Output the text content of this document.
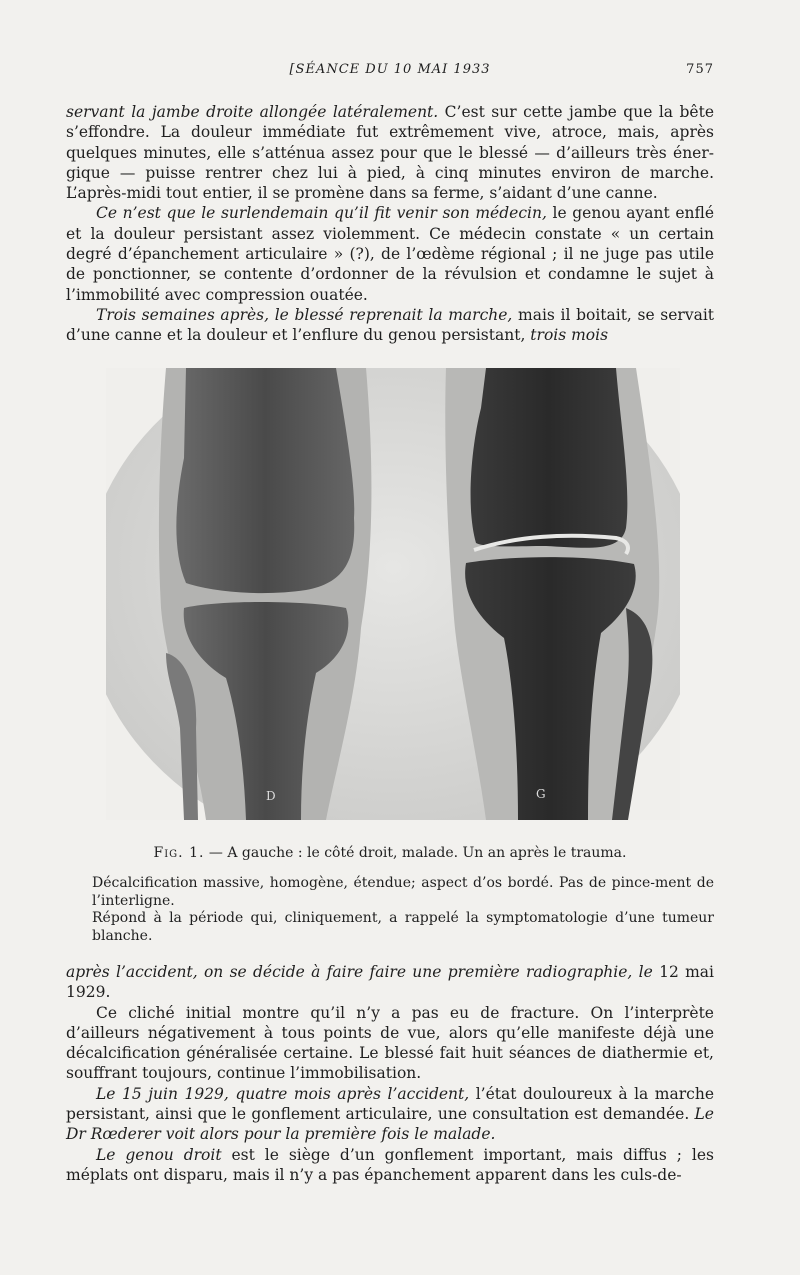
[SÉANCE DU 10 MAI 1933	757
servant la jambe droite allongée latéralement. C’est sur cette jambe que la bête s’effondre. La douleur immédiate fut extrêmement vive, atroce, mais, après quelques minutes, elle s’atténua assez pour que le blessé — d’ailleurs très éner-gique — puisse rentrer chez lui à pied, à cinq minutes environ de marche. L’après-midi tout entier, il se promène dans sa ferme, s’aidant d’une canne.
Ce n’est que le surlendemain qu’il fit venir son médecin, le genou ayant enflé et la douleur persistant assez violemment. Ce médecin constate « un certain degré d’épanchement articulaire » (?), de l’œdème régional ; il ne juge pas utile de ponctionner, se contente d’ordonner de la révulsion et condamne le sujet à l’immobilité avec compression ouatée.
Trois semaines après, le blessé reprenait la marche, mais il boitait, se servait d’une canne et la douleur et l’enflure du genou persistant, trois mois
D	G
Fig. 1. — A gauche : le côté droit, malade. Un an après le trauma.
Décalcification massive, homogène, étendue; aspect d’os bordé. Pas de pince-ment de l’interligne.
Répond à la période qui, cliniquement, a rappelé la symptomatologie d’une tumeur blanche.
après l’accident, on se décide à faire faire une première radiographie, le 12 mai 1929.
Ce cliché initial montre qu’il n’y a pas eu de fracture. On l’interprète d’ailleurs négativement à tous points de vue, alors qu’elle manifeste déjà une décalcification généralisée certaine. Le blessé fait huit séances de diathermie et, souffrant toujours, continue l’immobilisation.
Le 15 juin 1929, quatre mois après l’accident, l’état douloureux à la marche persistant, ainsi que le gonflement articulaire, une consultation est demandée. Le Dr Rœderer voit alors pour la première fois le malade.
Le genou droit est le siège d’un gonflement important, mais diffus ; les méplats ont disparu, mais il n’y a pas épanchement apparent dans les culs-de-
